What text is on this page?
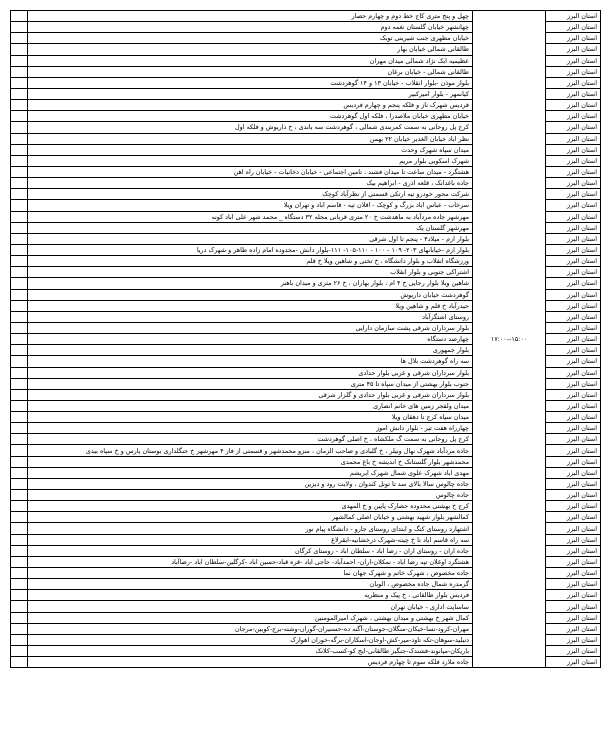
استان البرز		چهل و پنج متری کاج خط دوم و چهارم حصار	
استان البرز		چهانشهر خیابان گلستان نغمه دوم	
استان البرز		خیابان مطهری جنب شیرینی توبک	
استان البرز		طالقانی شمالی خیابان بهار	
استان البرز		عظیمیه ابک نژاد شمالی میدان مهران	
استان البرز		طالقانی شمالی - خیابان برغان	
استان البرز		بلوار موذن -بلوار انقلاب - خیابان ۱۳ و ۱۴ گوهردشت	
استان البرز		کیانمهر - بلوار امیرکبیر	
استان البرز		فردیس شهرک ناز و فلکه پنجم و چهارم فردیس	
استان البرز		خیابان مطهری خیابان ملاصدرا ، فلکه اول گوهردشت	
استان البرز		کرج پل روحانی به سمت کمربندی شمالی ، گوهردشت سه باندی ، خ داریوش و فلکه اول	
استان البرز		نظر اباد خیابان الغدیر خیابان ۲۲ بهمن	
استان البرز		میدان سپاه شهرک وحدت	
استان البرز		شهرک اسکویی بلوار مریم	
استان البرز		هشتگرد - میدان ساعت تا میدان فشند ، تامین اجتماعی - خیابان دخانیات - خیابان راه اهن	
استان البرز		جاده باغدانک ، قلعه اذری - ابراهیم بیک	
استان البرز		شرکت محور خودرو تیه ارتکی قسمتی از نظرآباد کوچک	
استان البرز		سرخاب - عباس اباد بزرگ و کوچک - اقلان تپه - قاسم اباد و تهران ویلا	
استان البرز		مهرشهر جاده مردآباد به ماهدشت خ ۲۰ متری قربانی محله ۳۲ دستگاه _ محمد شهر علی اباد کونه	
استان البرز		مهرشهر گلستان یک	
استان البرز		بلوار ارم - میلاد۴ - پنجم تا اول شرقی	
استان البرز		بلوار ارم -خیابانهای ۲۰۳- ۱۰۹ - ۱۰۰ - ۱۱۰-۱۰۵- ۱۱۱-بلوار دانش -محدوده امام زاده طاهر و شهرک دریا	
استان البرز		ورزشگاه انقلاب و بلوار دانشگاه ، خ تختی و شاهین ویلا خ قلم	
استان البرز		اشتراکی جنوبی و بلوار انقلاب	
استان البرز		شاهین ویلا بلوار رجایی خ ۴ ام ، بلوار بهاران ، خ ۲۶ متری و میدان باهنر	
استان البرز		گوهردشت خیابان داریوش	
استان البرز		حیدرآباد خ قلم و شاهین ویلا	
استان البرز		روستای اشتگرآباد	
استان البرز		بلوار سرداران شرقی پشت سازمان دارایی	
استان البرز	۱۵:۰۰--۱۷:۰۰	چهارصد دستگاه	
استان البرز		بلوار جمهوری	
استان البرز		سه راه گوهردشت بلال ها	
استان البرز		بلوار سرداران شرقی و غربی بلوار حدادی	
استان البرز		جنوب بلوار بهشتی از میدان سپاه تا ۴۵ متری	
استان البرز		بلوار سرداران شرقی و غربی بلوار حدادی و گلزار شرقی	
استان البرز		میدان ولفجر زمین های خانم انصاری	
استان البرز		میدان سپاه کرج تا دهقان ویلا	
استان البرز		چهارراه هفت تیر - بلوار دانش اموز	
استان البرز		کرج پل روحانی به سمت گ ملکشاه ، خ اصلی گوهردشت	
استان البرز		جاده مردآباد شهرک نهال ونیلر ، خ گلبادی و صاحب الزمان ، منزو محمدشهر و قسمتی از فاز ۴ مهرشهر خ جنگلداری بوستان پارس و خ سپاه بیدی	
استان البرز		محمدشهر بلوار گلستانک خ اندیشه خ باغ محمدی	
استان البرز		مهدی اباد شهرک علوی شمال شهرک ابریشم	
استان البرز		جاده چالوس سالا بالای سد تا تونل کندوان ، ولایت رود و دیزین	
استان البرز		جاده چالوس	
استان البرز		کرج خ بهشتی محدوده حصارک پایین و خ المهدی	
استان البرز		کمالشهر بلوار شهید بهشتی و خیابان اصلی کمالشهر	
استان البرز		اشتهارد روستای کنگ و ابتدای روستای جارو - دانشگاه پیام نور	
استان البرز		سه راه قاسم اباد تا خ چینه-شهرک درخشانیه-ابقرلاغ	
استان البرز		جاده اران - روستای اران - رضا اباد - سلطان اباد - روستای کرگان	
استان البرز		هشتگرد اوغلان تپه رضا اباد - نمکلان-اران- احمدآباد- حاجی اباد -قره قباد-حسین اباد -کرگلین-سلطان اباد -رضاآباد	
استان البرز		جاده مخصوص ، شهرک خاتم و شهرک جهان نما	
استان البرز		گرمدره شمال جاده مخصوص ، الوبان	
استان البرز		فردیس بلوار طالقانی ، خ پیک و منظریه	
استان البرز		ساسایت اداری - خیابان تهران	
استان البرز		کمال شهر خ بهشتی و میدان بهشتی ، شهرک امیرالمومنین	
استان البرز		مهران-کرود-نسا-خیکان-منگلان-جوستان-آگنه ده-حسنیران-گوران-وشته-برج-کوبین-مرجان	
استان البرز		دنبلید-سوهان-تکه تاود-میر-کش-اوجان-اسکاران-برگه-خوران اهوارک	
استان البرز		باریکان-میانوند-فشندک-جنگیز طالقانی-ایج کو-کسب-کلانک	
استان البرز		جاده ملارد فلکه سوم تا چهارم فردیس	
